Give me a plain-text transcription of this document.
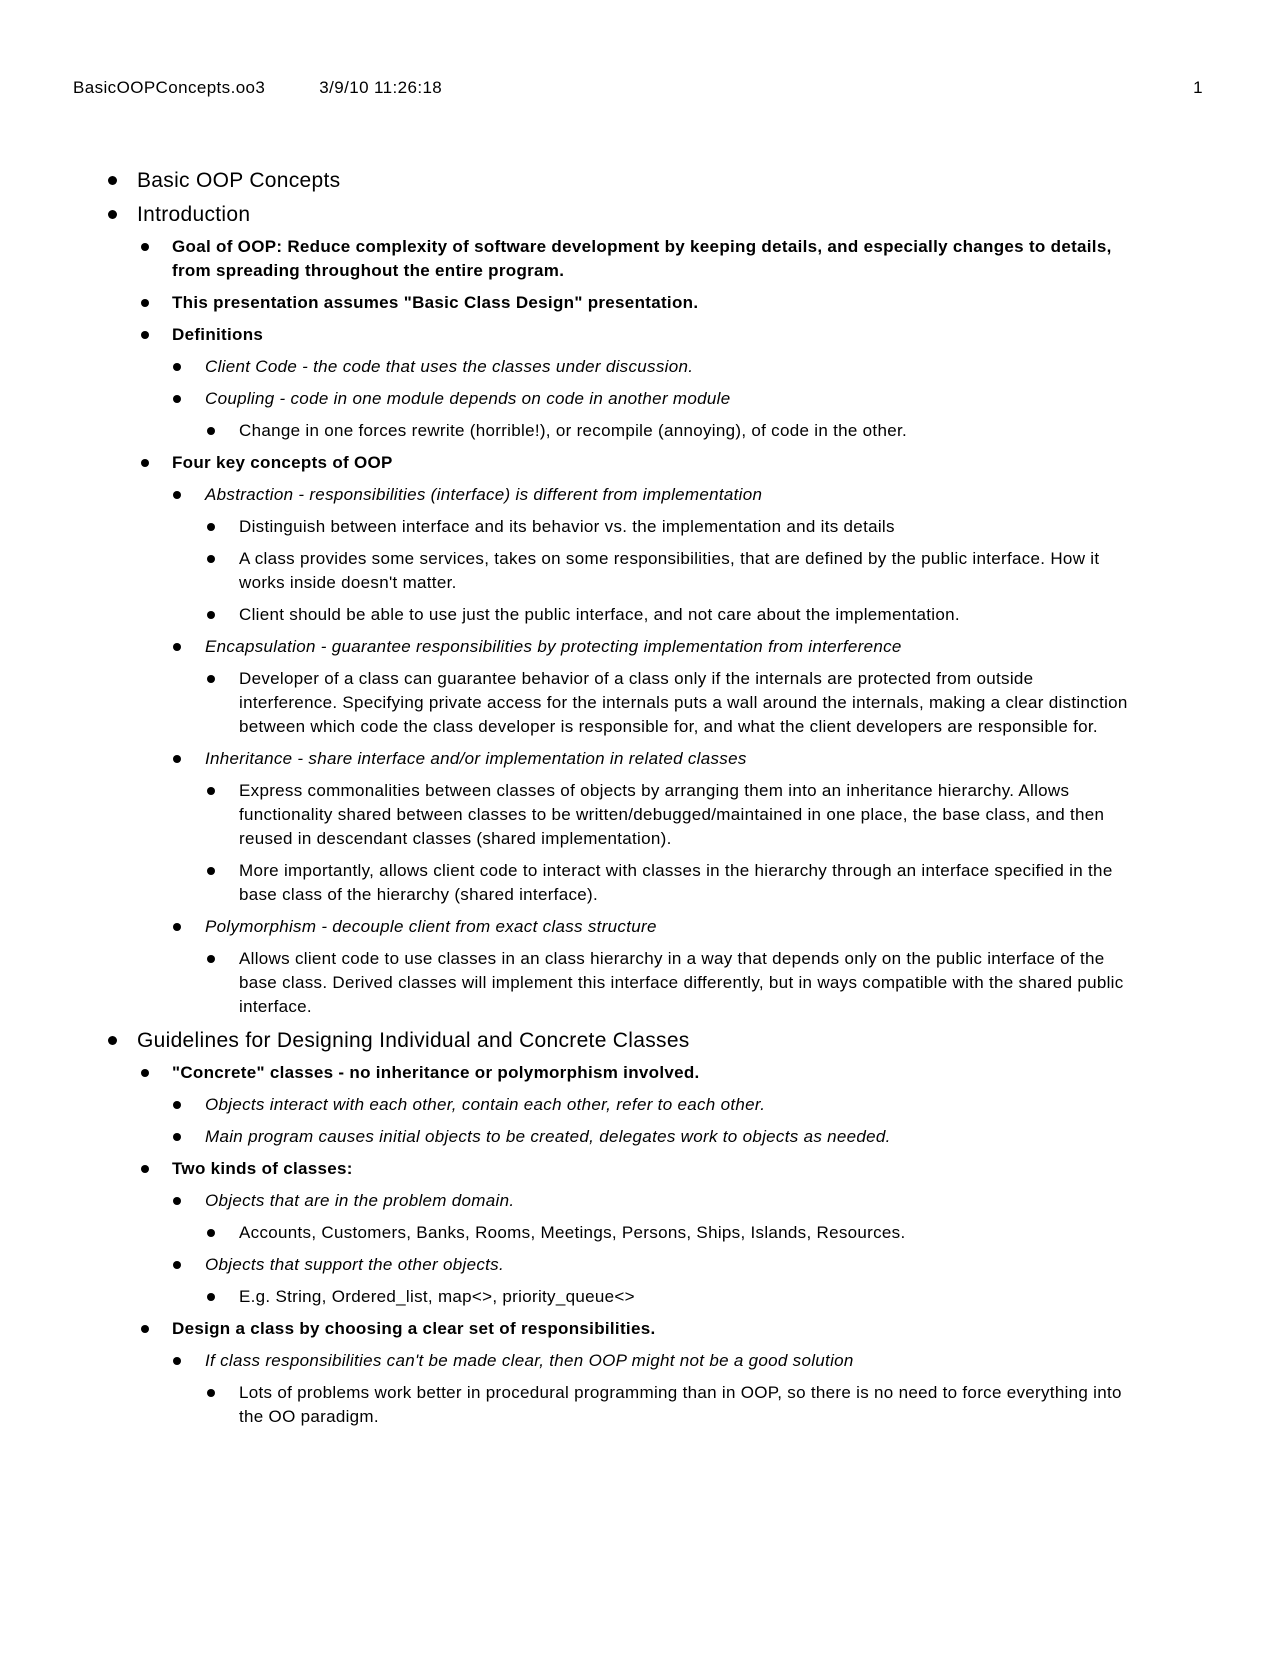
BasicOOPConcepts.oo3	3/9/10 11:26:18	1
Basic OOP Concepts
Introduction
Goal of OOP: Reduce complexity of software development by keeping details, and especially changes to details, from spreading throughout the entire program.
This presentation assumes "Basic Class Design" presentation.
Definitions
Client Code - the code that uses the classes under discussion.
Coupling - code in one module depends on code in another module
Change in one forces rewrite (horrible!), or recompile (annoying), of code in the other.
Four key concepts of OOP
Abstraction - responsibilities (interface) is different from implementation
Distinguish between interface and its behavior vs. the implementation and its details
A class provides some services, takes on some responsibilities, that are defined by the public interface. How it works inside doesn't matter.
Client should be able to use just the public interface, and not care about the implementation.
Encapsulation - guarantee responsibilities by protecting implementation from interference
Developer of a class can guarantee behavior of a class only if the internals are protected from outside interference. Specifying private access for the internals puts a wall around the internals, making a clear distinction between which code the class developer is responsible for, and what the client developers are responsible for.
Inheritance - share interface and/or implementation in related classes
Express commonalities between classes of objects by arranging them into an inheritance hierarchy. Allows functionality shared between classes to be written/debugged/maintained in one place, the base class, and then reused in descendant classes (shared implementation).
More importantly, allows client code to interact with classes in the hierarchy through an interface specified in the base class of the hierarchy (shared interface).
Polymorphism - decouple client from exact class structure
Allows client code to use classes in an class hierarchy in a way that depends only on the public interface of the base class. Derived classes will implement this interface differently, but in ways compatible with the shared public interface.
Guidelines for Designing Individual and Concrete Classes
"Concrete" classes - no inheritance or polymorphism involved.
Objects interact with each other, contain each other, refer to each other.
Main program causes initial objects to be created, delegates work to objects as needed.
Two kinds of classes:
Objects that are in the problem domain.
Accounts, Customers, Banks, Rooms, Meetings, Persons, Ships, Islands, Resources.
Objects that support the other objects.
E.g. String, Ordered_list, map<>, priority_queue<>
Design a class by choosing a clear set of responsibilities.
If class responsibilities can't be made clear, then OOP might not be a good solution
Lots of problems work better in procedural programming than in OOP, so there is no need to force everything into the OO paradigm.
